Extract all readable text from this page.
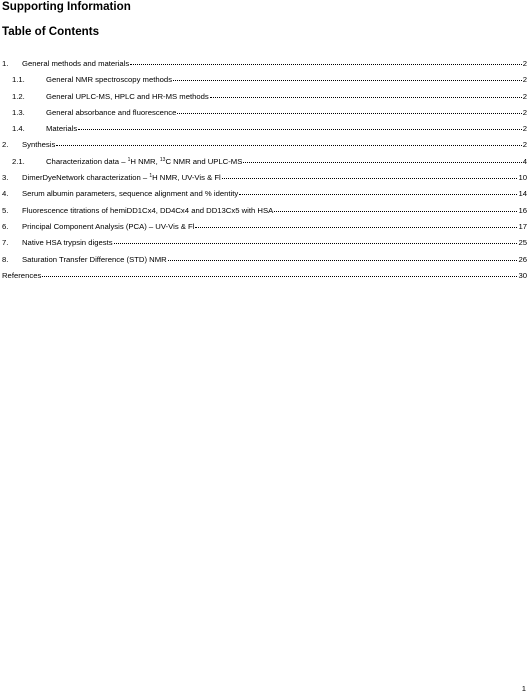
Supporting Information
Table of Contents
1.	General methods and materials	2
1.1.	General NMR spectroscopy methods	2
1.2.	General UPLC-MS, HPLC and HR-MS methods	2
1.3.	General absorbance and fluorescence	2
1.4.	Materials	2
2.	Synthesis	2
2.1.	Characterization data – $^1$H NMR, $^{13}$C NMR and UPLC-MS	4
3.	DimerDyeNetwork characterization – $^1$H NMR, UV-Vis & Fl	10
4.	Serum albumin parameters, sequence alignment and % identity	14
5.	Fluorescence titrations of hemiDD1Cx4, DD4Cx4 and DD13Cx5 with HSA	16
6.	Principal Component Analysis (PCA) – UV-Vis & Fl	17
7.	Native HSA trypsin digests	25
8.	Saturation Transfer Difference (STD) NMR	26
References	30
1
